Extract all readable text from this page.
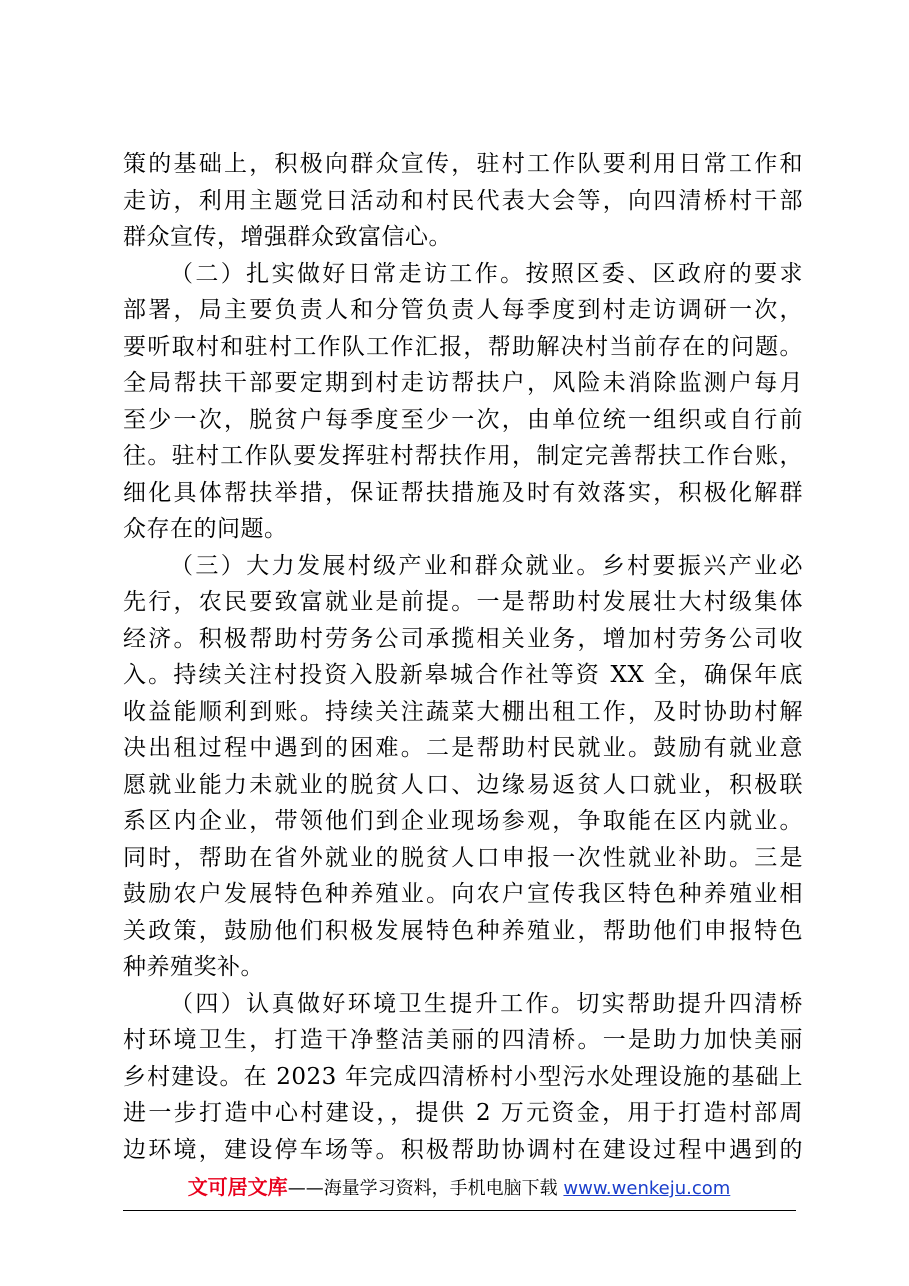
策的基础上，积极向群众宣传，驻村工作队要利用日常工作和
走访，利用主题党日活动和村民代表大会等，向四清桥村干部
群众宣传，增强群众致富信心。
（二）扎实做好日常走访工作。按照区委、区政府的要求
部署，局主要负责人和分管负责人每季度到村走访调研一次，
要听取村和驻村工作队工作汇报，帮助解决村当前存在的问题。
全局帮扶干部要定期到村走访帮扶户，风险未消除监测户每月
至少一次，脱贫户每季度至少一次，由单位统一组织或自行前
往。驻村工作队要发挥驻村帮扶作用，制定完善帮扶工作台账，
细化具体帮扶举措，保证帮扶措施及时有效落实，积极化解群
众存在的问题。
（三）大力发展村级产业和群众就业。乡村要振兴产业必
先行，农民要致富就业是前提。一是帮助村发展壮大村级集体
经济。积极帮助村劳务公司承揽相关业务，增加村劳务公司收
入。持续关注村投资入股新皋城合作社等资 XX 全，确保年底
收益能顺利到账。持续关注蔬菜大棚出租工作，及时协助村解
决出租过程中遇到的困难。二是帮助村民就业。鼓励有就业意
愿就业能力未就业的脱贫人口、边缘易返贫人口就业，积极联
系区内企业，带领他们到企业现场参观，争取能在区内就业。
同时，帮助在省外就业的脱贫人口申报一次性就业补助。三是
鼓励农户发展特色种养殖业。向农户宣传我区特色种养殖业相
关政策，鼓励他们积极发展特色种养殖业，帮助他们申报特色
种养殖奖补。
（四）认真做好环境卫生提升工作。切实帮助提升四清桥
村环境卫生，打造干净整洁美丽的四清桥。一是助力加快美丽
乡村建设。在 2023 年完成四清桥村小型污水处理设施的基础上
进一步打造中心村建设，，提供 2 万元资金，用于打造村部周
边环境，建设停车场等。积极帮助协调村在建设过程中遇到的
文可居文库——海量学习资料，手机电脑下载 www.wenkeju.com
